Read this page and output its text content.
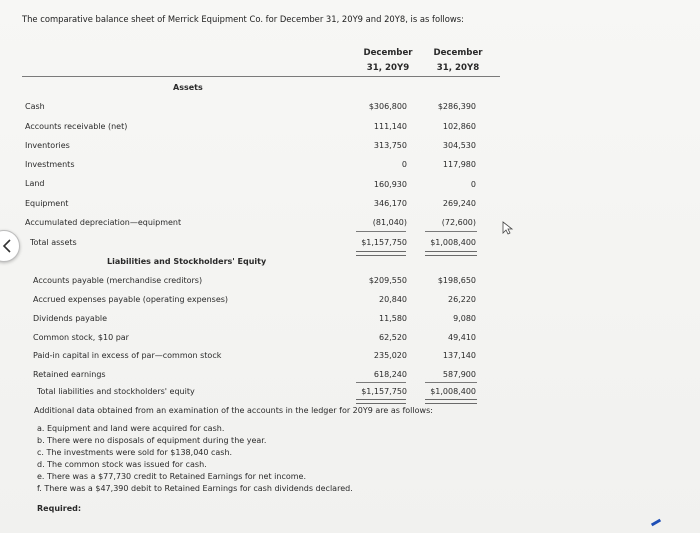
The comparative balance sheet of Merrick Equipment Co. for December 31, 20Y9 and 20Y8, is as follows:
December
31, 20Y9
December
31, 20Y8
Assets
Cash	$306,800	$286,390
Accounts receivable (net)	111,140	102,860
Inventories	313,750	304,530
Investments	0	117,980
Land	160,930	0
Equipment	346,170	269,240
Accumulated depreciation—equipment	(81,040)	(72,600)
Total assets	$1,157,750	$1,008,400
Liabilities and Stockholders' Equity
Accounts payable (merchandise creditors)	$209,550	$198,650
Accrued expenses payable (operating expenses)	20,840	26,220
Dividends payable	11,580	9,080
Common stock, $10 par	62,520	49,410
Paid-in capital in excess of par—common stock	235,020	137,140
Retained earnings	618,240	587,900
Total liabilities and stockholders' equity	$1,157,750	$1,008,400
Additional data obtained from an examination of the accounts in the ledger for 20Y9 are as follows:
a. Equipment and land were acquired for cash.
b. There were no disposals of equipment during the year.
c. The investments were sold for $138,040 cash.
d. The common stock was issued for cash.
e. There was a $77,730 credit to Retained Earnings for net income.
f. There was a $47,390 debit to Retained Earnings for cash dividends declared.
Required:
